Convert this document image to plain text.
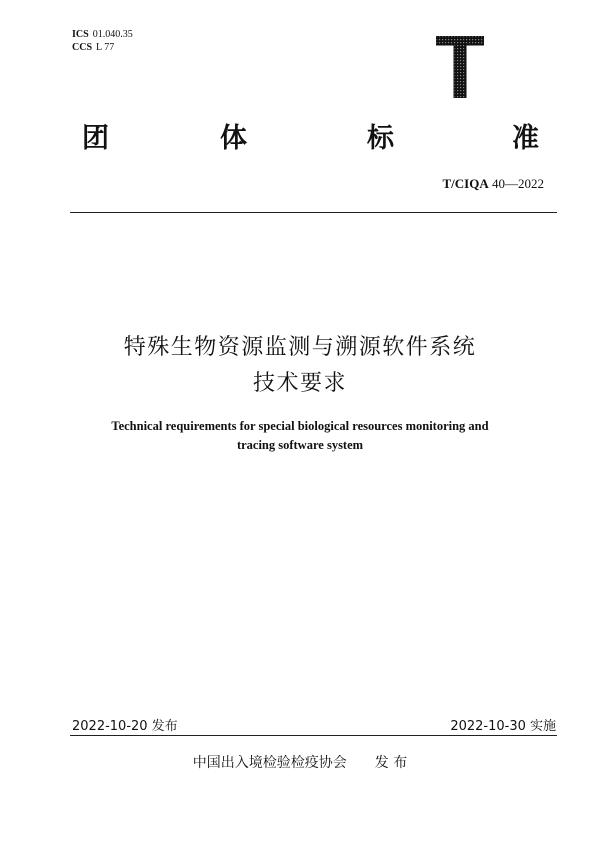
ICS 01.040.35
CCS L 77
团	体	标	准
T/CIQA 40—2022
特殊生物资源监测与溯源软件系统
技术要求
Technical requirements for special biological resources monitoring and
tracing software system
2022-10-20 发布	2022-10-30 实施
中国出入境检验检疫协会 发 布
